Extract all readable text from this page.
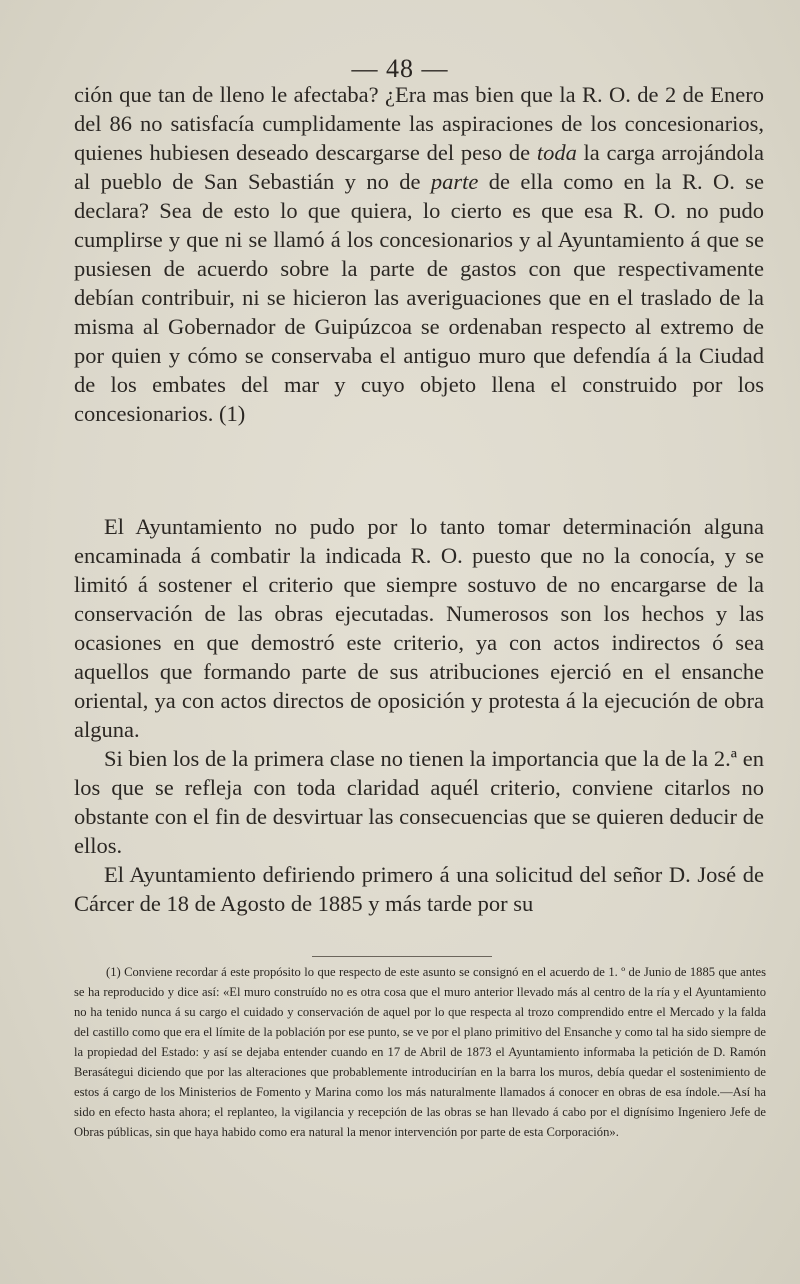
— 48 —

ción que tan de lleno le afectaba? ¿Era mas bien que la R. O. de 2 de Enero del 86 no satisfacía cumplidamente las aspiraciones de los concesionarios, quienes hubiesen deseado descargarse del peso de toda la carga arrojándola al pueblo de San Sebastián y no de parte de ella como en la R. O. se declara? Sea de esto lo que quiera, lo cierto es que esa R. O. no pudo cumplirse y que ni se llamó á los concesionarios y al Ayuntamiento á que se pusiesen de acuerdo sobre la parte de gastos con que respectivamente debían contribuir, ni se hicieron las averiguaciones que en el traslado de la misma al Gobernador de Guipúzcoa se ordenaban respecto al extremo de por quien y cómo se conservaba el antiguo muro que defendía á la Ciudad de los embates del mar y cuyo objeto llena el construido por los concesionarios. (1)

El Ayuntamiento no pudo por lo tanto tomar determinación alguna encaminada á combatir la indicada R. O. puesto que no la conocía, y se limitó á sostener el criterio que siempre sostuvo de no encargarse de la conservación de las obras ejecutadas. Numerosos son los hechos y las ocasiones en que demostró este criterio, ya con actos indirectos ó sea aquellos que formando parte de sus atribuciones ejerció en el ensanche oriental, ya con actos directos de oposición y protesta á la ejecución de obra alguna.

Si bien los de la primera clase no tienen la importancia que la de la 2.ª en los que se refleja con toda claridad aquél criterio, conviene citarlos no obstante con el fin de desvirtuar las consecuencias que se quieren deducir de ellos.

El Ayuntamiento defiriendo primero á una solicitud del señor D. José de Cárcer de 18 de Agosto de 1885 y más tarde por su

(1) Conviene recordar á este propósito lo que respecto de este asunto se consignó en el acuerdo de 1. º de Junio de 1885 que antes se ha reproducido y dice así: «El muro construído no es otra cosa que el muro anterior llevado más al centro de la ría y el Ayuntamiento no ha tenido nunca á su cargo el cuidado y conservación de aquel por lo que respecta al trozo comprendido entre el Mercado y la falda del castillo como que era el límite de la población por ese punto, se ve por el plano primitivo del Ensanche y como tal ha sido siempre de la propiedad del Estado: y así se dejaba entender cuando en 17 de Abril de 1873 el Ayuntamiento informaba la petición de D. Ramón Berasátegui diciendo que por las alteraciones que probablemente introducirían en la barra los muros, debía quedar el sostenimiento de estos á cargo de los Ministerios de Fomento y Marina como los más naturalmente llamados á conocer en obras de esa índole.—Así ha sido en efecto hasta ahora; el replanteo, la vigilancia y recepción de las obras se han llevado á cabo por el dignísimo Ingeniero Jefe de Obras públicas, sin que haya habido como era natural la menor intervención por parte de esta Corporación».
